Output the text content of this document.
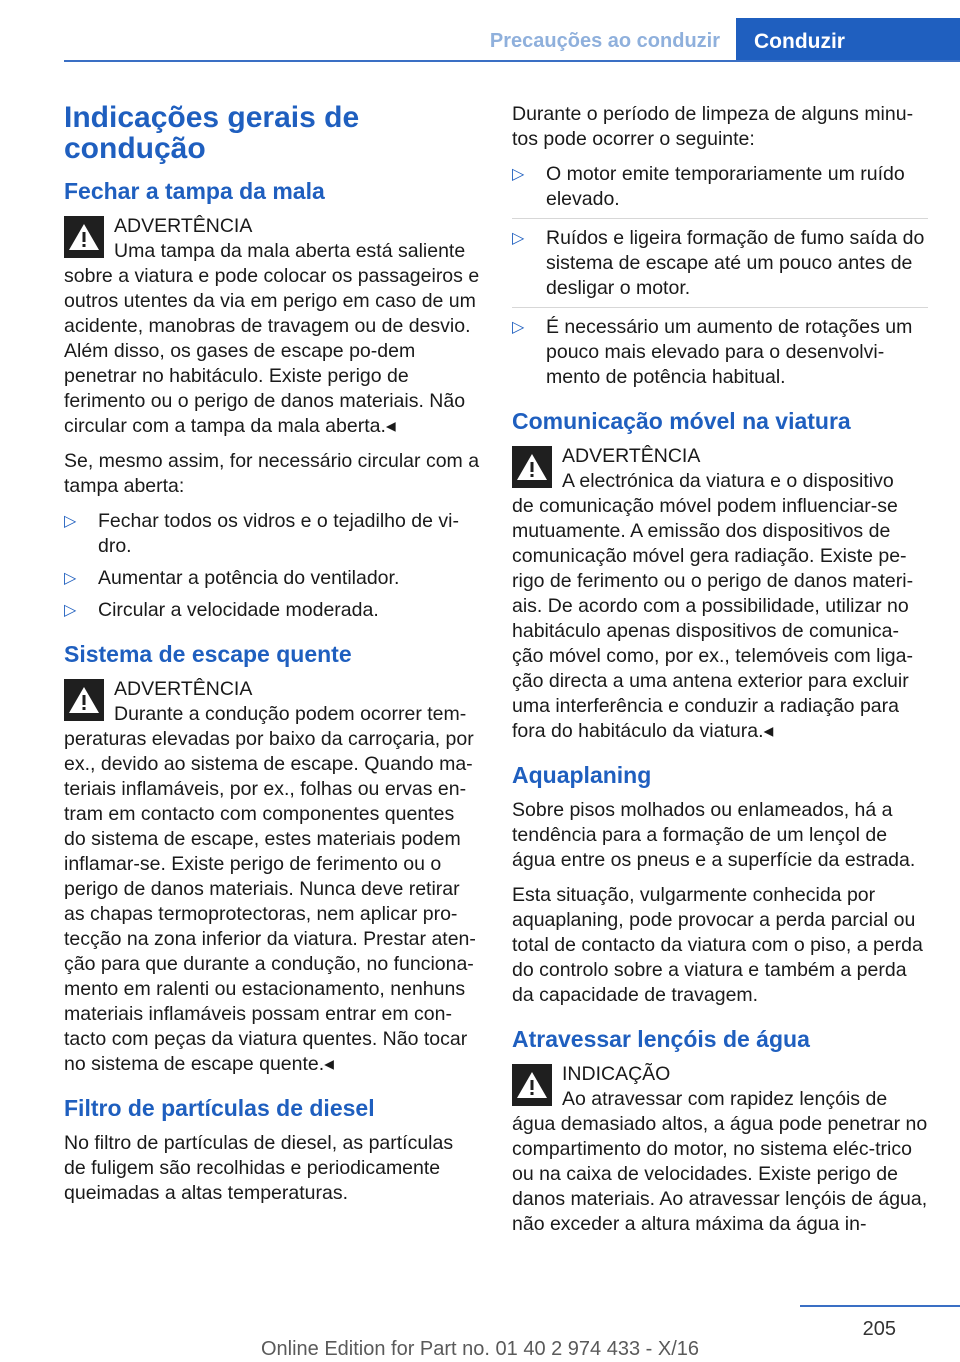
Precauções ao conduzir	Conduzir
Indicações gerais de condução
Fechar a tampa da mala
ADVERTÊNCIA
Uma tampa da mala aberta está saliente
sobre a viatura e pode colocar os passageiros e outros utentes da via em perigo em caso de um acidente, manobras de travagem ou de desvio. Além disso, os gases de escape po-dem penetrar no habitáculo. Existe perigo de ferimento ou o perigo de danos materiais. Não circular com a tampa da mala aberta.◂

Se, mesmo assim, for necessário circular com a tampa aberta:

▷ Fechar todos os vidros e o tejadilho de vi-dro.
▷ Aumentar a potência do ventilador.
▷ Circular a velocidade moderada.
Sistema de escape quente
ADVERTÊNCIA
Durante a condução podem ocorrer tem-
peraturas elevadas por baixo da carroçaria, por ex., devido ao sistema de escape. Quando ma-teriais inflamáveis, por ex., folhas ou ervas en-tram em contacto com componentes quentes do sistema de escape, estes materiais podem inflamar-se. Existe perigo de ferimento ou o perigo de danos materiais. Nunca deve retirar as chapas termoprotectoras, nem aplicar pro-tecção na zona inferior da viatura. Prestar aten-ção para que durante a condução, no funciona-mento em ralenti ou estacionamento, nenhuns materiais inflamáveis possam entrar em con-tacto com peças da viatura quentes. Não tocar no sistema de escape quente.◂
Filtro de partículas de diesel

No filtro de partículas de diesel, as partículas de fuligem são recolhidas e periodicamente queimadas a altas temperaturas.

Durante o período de limpeza de alguns minu-tos pode ocorrer o seguinte:

▷ O motor emite temporariamente um ruído elevado.
▷ Ruídos e ligeira formação de fumo saída do sistema de escape até um pouco antes de desligar o motor.
▷ É necessário um aumento de rotações um pouco mais elevado para o desenvolvi-mento de potência habitual.
Comunicação móvel na viatura
ADVERTÊNCIA
A electrónica da viatura e o dispositivo
de comunicação móvel podem influenciar-se mutuamente. A emissão dos dispositivos de comunicação móvel gera radiação. Existe pe-rigo de ferimento ou o perigo de danos materi-ais. De acordo com a possibilidade, utilizar no habitáculo apenas dispositivos de comunica-ção móvel como, por ex., telemóveis com liga-ção directa a uma antena exterior para excluir uma interferência e conduzir a radiação para fora do habitáculo da viatura.◂
Aquaplaning

Sobre pisos molhados ou enlameados, há a tendência para a formação de um lençol de água entre os pneus e a superfície da estrada.

Esta situação, vulgarmente conhecida por aquaplaning, pode provocar a perda parcial ou total de contacto da viatura com o piso, a perda do controlo sobre a viatura e também a perda da capacidade de travagem.

Atravessar lençóis de água
INDICAÇÃO
Ao atravessar com rapidez lençóis de
água demasiado altos, a água pode penetrar no compartimento do motor, no sistema eléc-trico ou na caixa de velocidades. Existe perigo de danos materiais. Ao atravessar lençóis de água, não exceder a altura máxima da água in-
205
Online Edition for Part no. 01 40 2 974 433 - X/16
